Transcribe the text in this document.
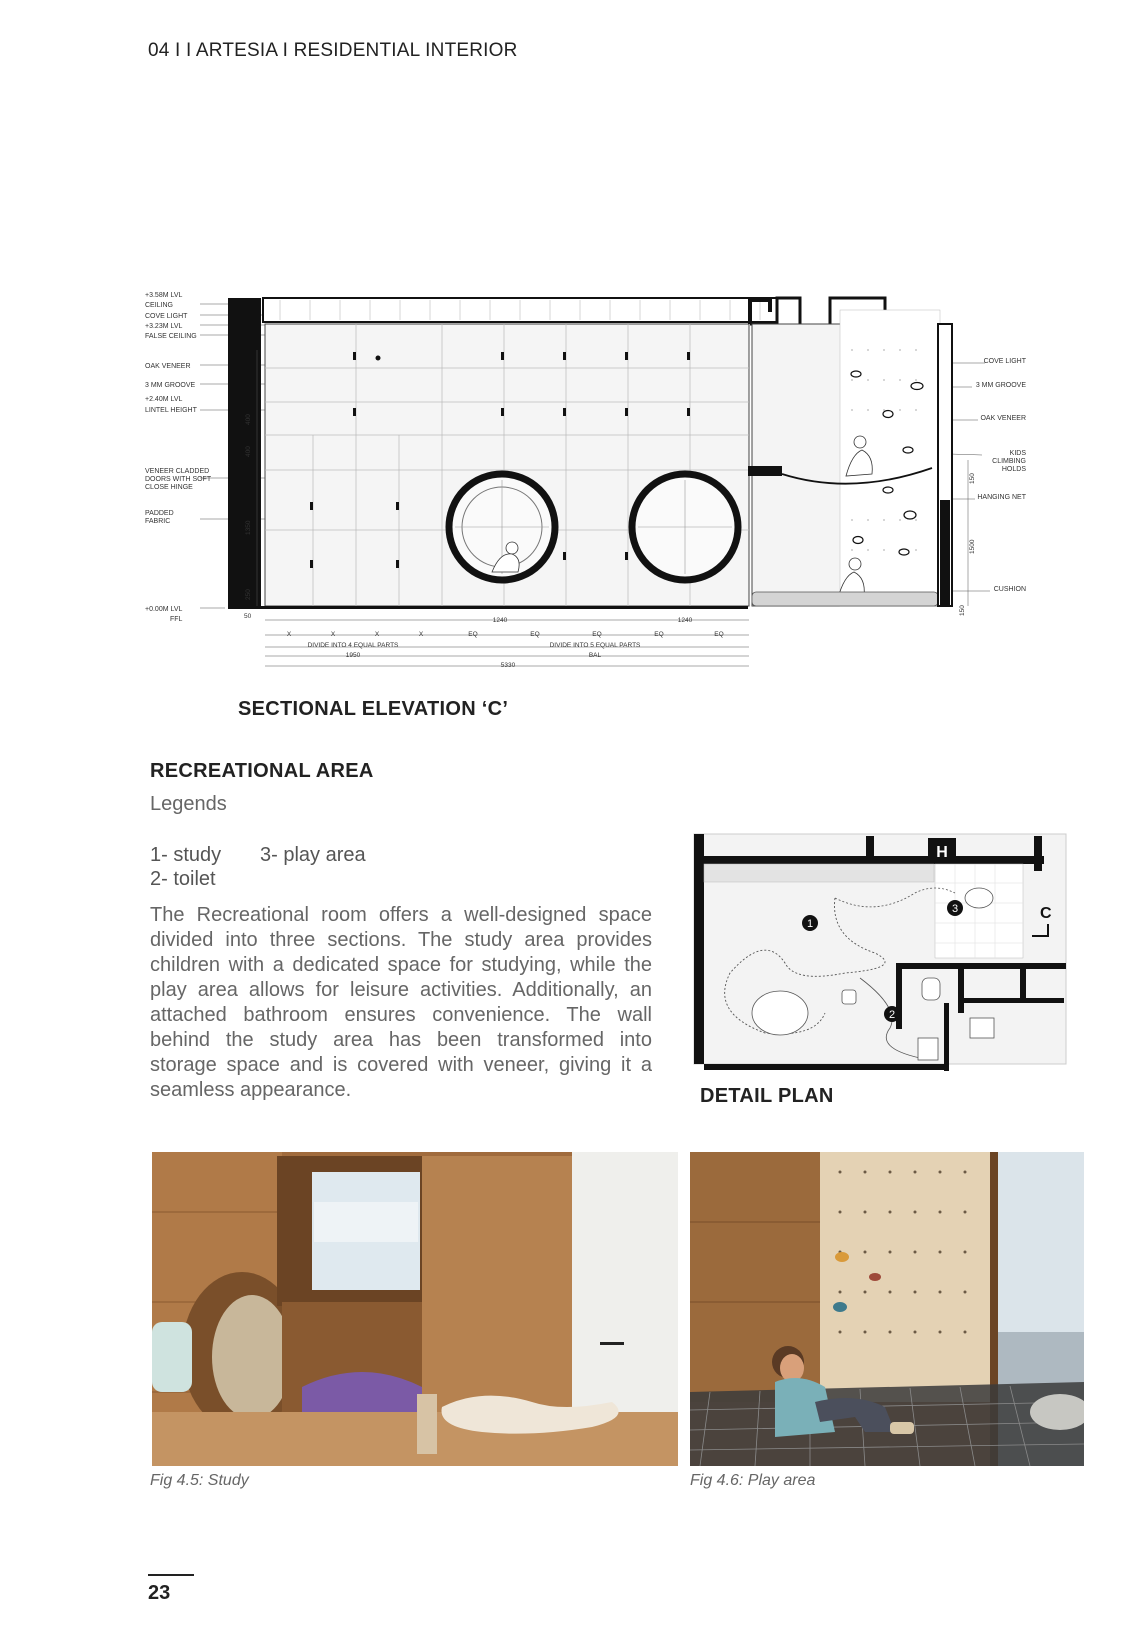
04 I I ARTESIA I RESIDENTIAL INTERIOR
+3.58M LVL
CEILING
COVE LIGHT
+3.23M LVL
FALSE CEILING
OAK VENEER
3 MM GROOVE
+2.40M LVL
LINTEL HEIGHT
VENEER CLADDED
DOORS WITH SOFT
CLOSE HINGE
PADDED
FABRIC
+0.00M LVL
FFL
COVE LIGHT
3 MM GROOVE
OAK VENEER
KIDS
CLIMBING
HOLDS
HANGING NET
CUSHION
400
400
1350
250
50
150
1500
150
1240	1240
X	X	X	X	EQ	EQ	EQ	EQ	EQ
DIVIDE INTO 4 EQUAL PARTS	DIVIDE INTO 5 EQUAL PARTS
1950	BAL
5330
SECTIONAL ELEVATION ‘C’
RECREATIONAL AREA
Legends
1- study 3- play area
2- toilet
The Recreational room offers a well-designed space divided into three sections. The study area provides children with a dedicated space for studying, while the play area allows for leisure activities. Additionally, an attached bathroom ensures convenience. The wall behind the study area has been transformed into storage space and is covered with veneer, giving it a seamless appearance.
H
1
2
3	C
DETAIL PLAN
Fig 4.5: Study	Fig 4.6: Play area
23
